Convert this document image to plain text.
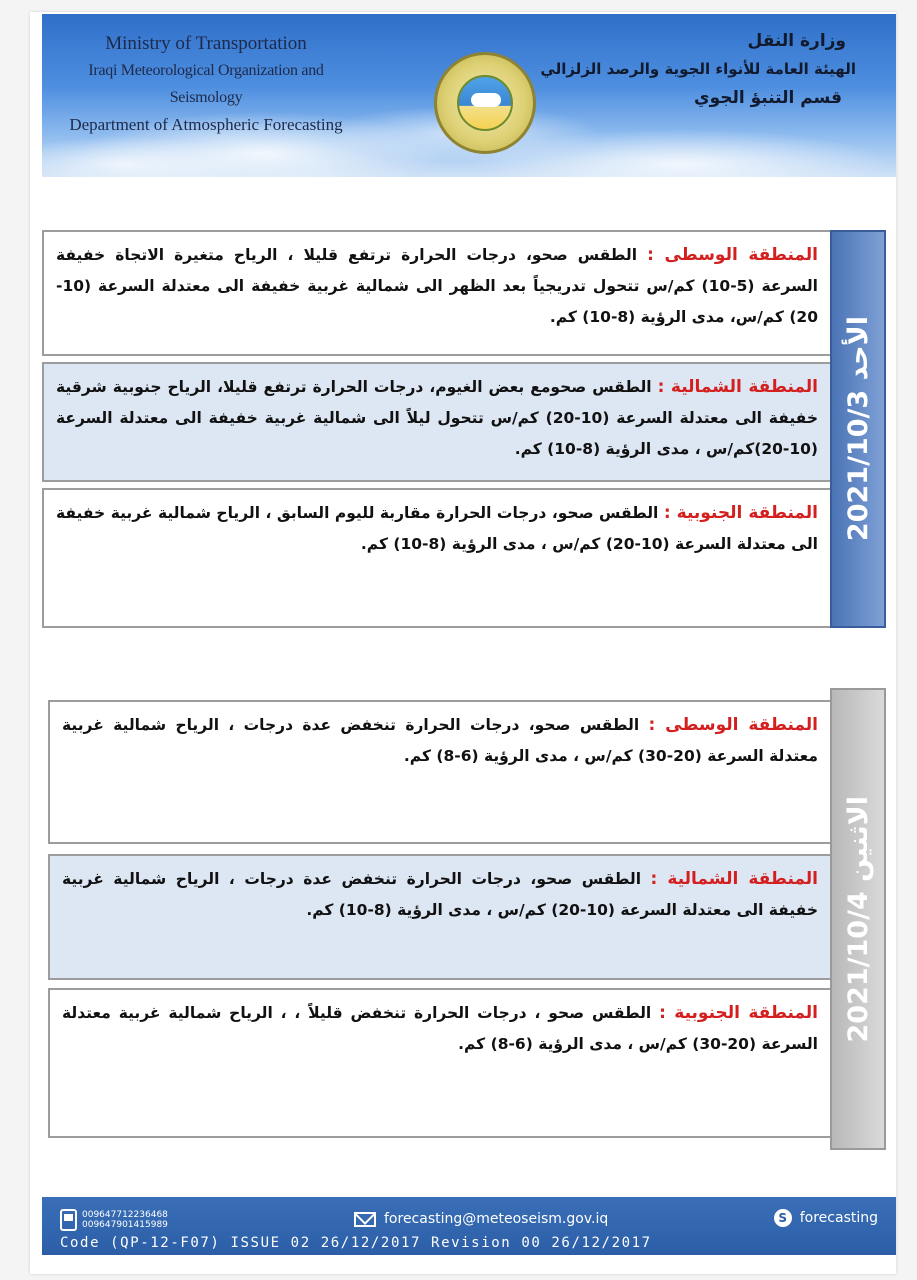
Ministry of Transportation
Iraqi Meteorological Organization and Seismology
Department of Atmospheric Forecasting
وزارة النقل
الهيئة العامة للأنواء الجوية والرصد الزلزالي
قسم التنبؤ الجوي
المنطقة الوسطى : الطقس صحو، درجات الحرارة ترتفع قليلا ، الرياح متغيرة الاتجاة خفيفة السرعة (5-10) كم/س تتحول تدريجياً بعد الظهر الى شمالية غربية خفيفة الى معتدلة السرعة (10-20) كم/س، مدى الرؤية (8-10) كم.
المنطقة الشمالية : الطقس صحومع بعض الغيوم، درجات الحرارة ترتفع قليلا، الرياح جنوبية شرقية خفيفة الى معتدلة السرعة (10-20) كم/س تتحول ليلاً الى شمالية غربية خفيفة الى معتدلة السرعة (10-20)كم/س ، مدى الرؤية (8-10) كم.
المنطقة الجنوبية : الطقس صحو، درجات الحرارة مقاربة لليوم السابق ، الرياح شمالية غربية خفيفة الى معتدلة السرعة (10-20) كم/س ، مدى الرؤية (8-10) كم.
الأحد 2021/10/3
المنطقة الوسطى : الطقس صحو، درجات الحرارة تنخفض عدة درجات ، الرياح شمالية غربية معتدلة السرعة (20-30) كم/س ، مدى الرؤية (6-8) كم.
المنطقة الشمالية : الطقس صحو، درجات الحرارة تنخفض عدة درجات ، الرياح شمالية غربية خفيفة الى معتدلة السرعة (10-20) كم/س ، مدى الرؤية (8-10) كم.
المنطقة الجنوبية : الطقس صحو ، درجات الحرارة تنخفض قليلاً ، ، الرياح شمالية غربية معتدلة السرعة (20-30) كم/س ، مدى الرؤية (6-8) كم.
الاثنين 2021/10/4
009647712236468
009647901415989	forecasting@meteoseism.gov.iq	S forecasting
Code (QP-12-F07) ISSUE 02 26/12/2017 Revision 00 26/12/2017
